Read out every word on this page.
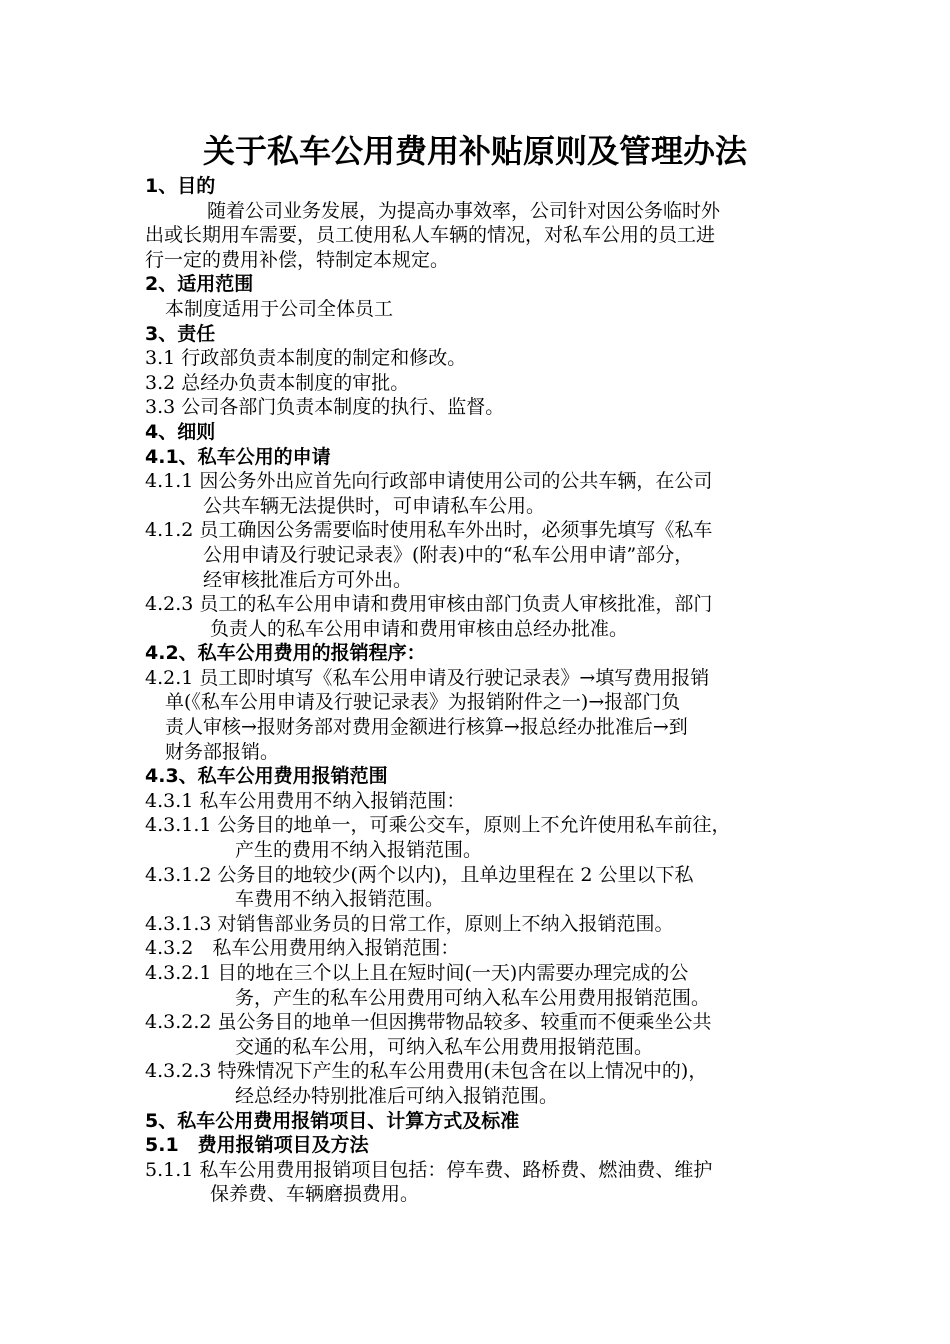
关于私车公用费用补贴原则及管理办法
1、目的
随着公司业务发展，为提高办事效率，公司针对因公务临时外
出或长期用车需要，员工使用私人车辆的情况，对私车公用的员工进
行一定的费用补偿，特制定本规定。
2、适用范围
本制度适用于公司全体员工
3、责任
3.1 行政部负责本制度的制定和修改。
3.2 总经办负责本制度的审批。
3.3 公司各部门负责本制度的执行、监督。
4、细则
4.1、私车公用的申请
4.1.1 因公务外出应首先向行政部申请使用公司的公共车辆，在公司
公共车辆无法提供时，可申请私车公用。
4.1.2 员工确因公务需要临时使用私车外出时，必须事先填写《私车
公用申请及行驶记录表》(附表)中的“私车公用申请”部分，
经审核批准后方可外出。
4.2.3 员工的私车公用申请和费用审核由部门负责人审核批准，部门
负责人的私车公用申请和费用审核由总经办批准。
4.2、私车公用费用的报销程序：
4.2.1 员工即时填写《私车公用申请及行驶记录表》→填写费用报销
单(《私车公用申请及行驶记录表》为报销附件之一)→报部门负
责人审核→报财务部对费用金额进行核算→报总经办批准后→到
财务部报销。
4.3、私车公用费用报销范围
4.3.1 私车公用费用不纳入报销范围：
4.3.1.1 公务目的地单一，可乘公交车，原则上不允许使用私车前往，
产生的费用不纳入报销范围。
4.3.1.2 公务目的地较少(两个以内)，且单边里程在 2 公里以下私
车费用不纳入报销范围。
4.3.1.3 对销售部业务员的日常工作，原则上不纳入报销范围。
4.3.2　私车公用费用纳入报销范围：
4.3.2.1 目的地在三个以上且在短时间(一天)内需要办理完成的公
务，产生的私车公用费用可纳入私车公用费用报销范围。
4.3.2.2 虽公务目的地单一但因携带物品较多、较重而不便乘坐公共
交通的私车公用，可纳入私车公用费用报销范围。
4.3.2.3 特殊情况下产生的私车公用费用(未包含在以上情况中的)，
经总经办特别批准后可纳入报销范围。
5、私车公用费用报销项目、计算方式及标准
5.1　费用报销项目及方法
5.1.1 私车公用费用报销项目包括：停车费、路桥费、燃油费、维护
保养费、车辆磨损费用。
